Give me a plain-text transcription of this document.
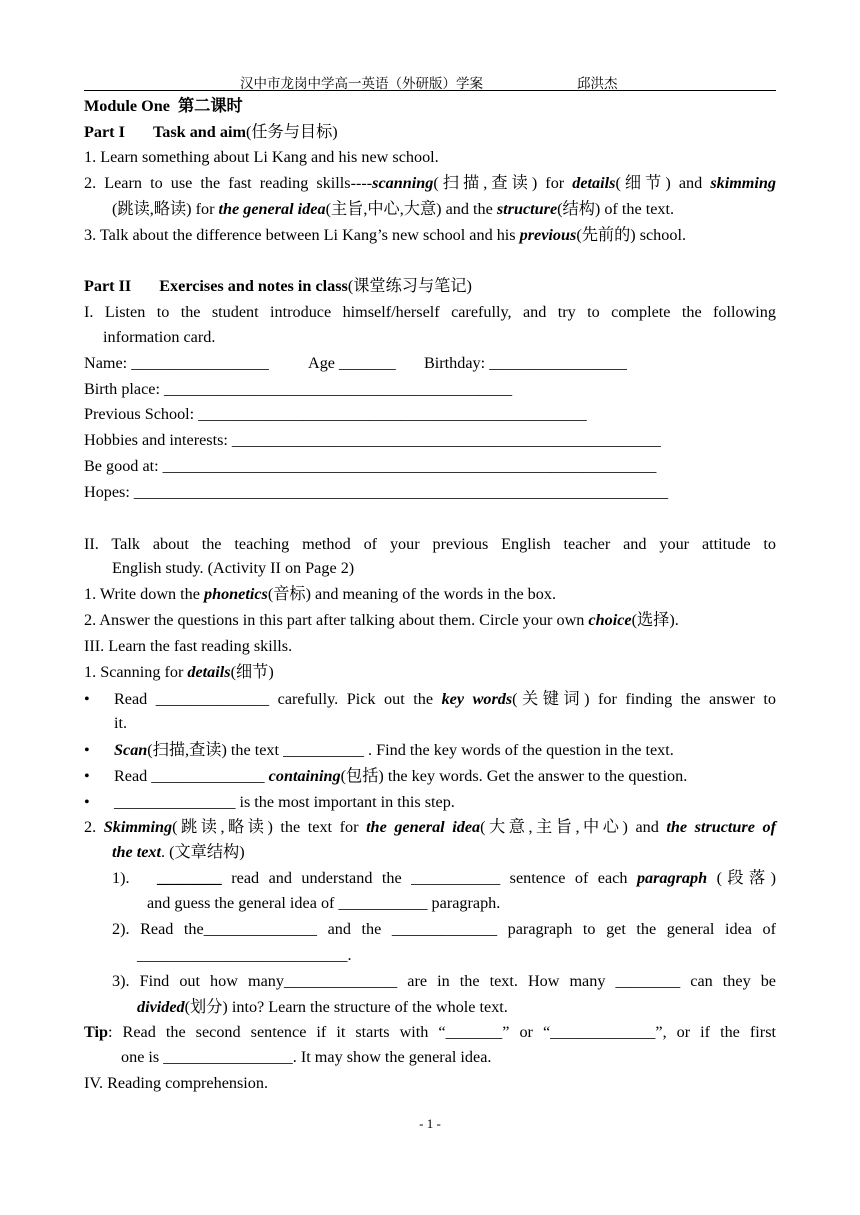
汉中市龙岗中学高一英语（外研版）学案	邱洪杰
Module One 第二课时
Part I Task and aim(任务与目标)
1. Learn something about Li Kang and his new school.
2. Learn to use the fast reading skills----scanning(扫描,查读) for details(细节) and skimming
(跳读,略读) for the general idea(主旨,中心,大意) and the structure(结构) of the text.
3. Talk about the difference between Li Kang’s new school and his previous(先前的) school.
Part II Exercises and notes in class(课堂练习与笔记)
I. Listen to the student introduce himself/herself carefully, and try to complete the following
information card.
Name: _________________ Age _______ Birthday: _________________
Birth place: ___________________________________________
Previous School: ________________________________________________
Hobbies and interests: _____________________________________________________
Be good at: _____________________________________________________________
Hopes: __________________________________________________________________
II. Talk about the teaching method of your previous English teacher and your attitude to
English study. (Activity II on Page 2)
1. Write down the phonetics(音标) and meaning of the words in the box.
2. Answer the questions in this part after talking about them. Circle your own choice(选择).
III. Learn the fast reading skills.
1. Scanning for details(细节)
• Read ______________ carefully. Pick out the key words(关键词) for finding the answer to
it.
• Scan(扫描,查读) the text __________ . Find the key words of the question in the text.
• Read ______________ containing(包括) the key words. Get the answer to the question.
• _______________ is the most important in this step.
2. Skimming(跳读,略读) the text for the general idea(大意,主旨,中心) and the structure of
the text. (文章结构)
1). ________ read and understand the ___________ sentence of each paragraph (段落)
and guess the general idea of ___________ paragraph.
2). Read the______________ and the _____________ paragraph to get the general idea of
__________________________.
3). Find out how many______________ are in the text. How many ________ can they be
divided(划分) into? Learn the structure of the whole text.
Tip: Read the second sentence if it starts with “_______” or “_____________”, or if the first
one is ________________. It may show the general idea.
IV. Reading comprehension.
- 1 -
